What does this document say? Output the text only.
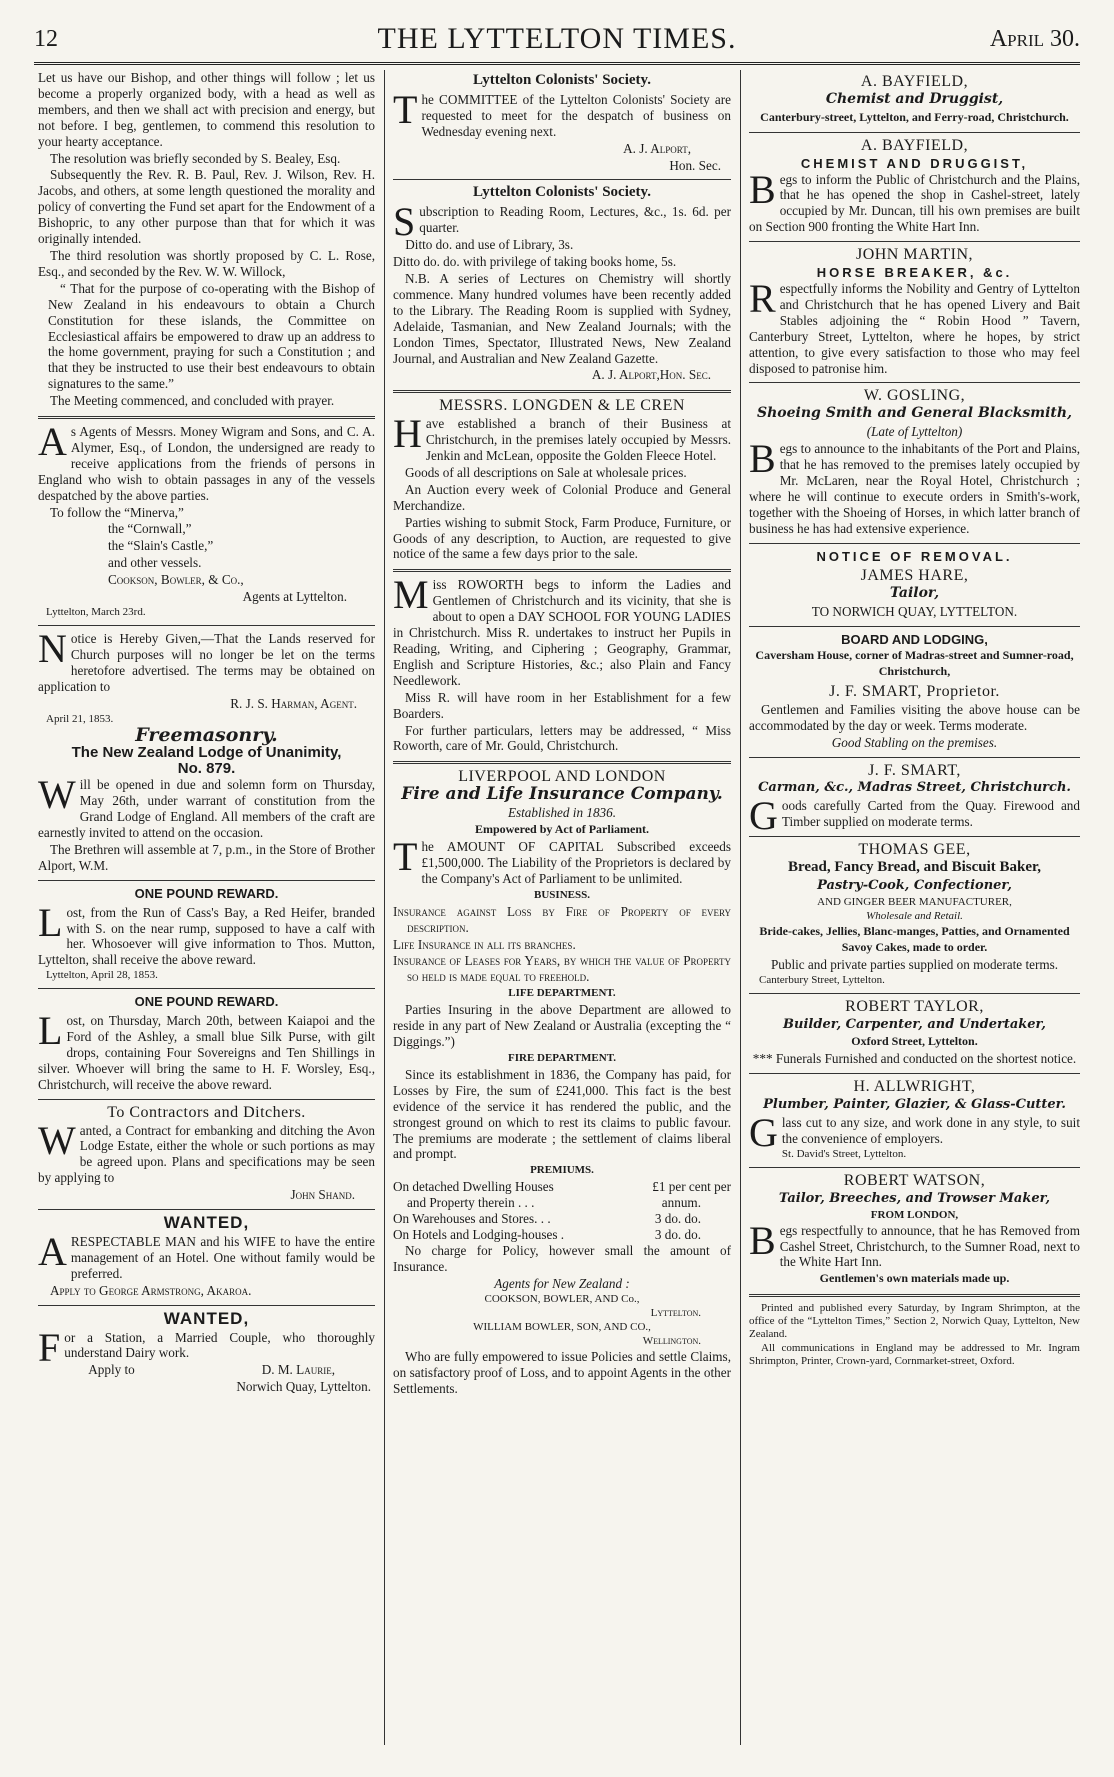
12	THE LYTTELTON TIMES.	April 30.

Let us have our Bishop, and other things will follow ; let us become a properly organized body, with a head as well as members, and then we shall act with precision and energy, but not before. I beg, gentlemen, to commend this resolution to your hearty acceptance.

The resolution was briefly seconded by S. Bealey, Esq.

Subsequently the Rev. R. B. Paul, Rev. J. Wilson, Rev. H. Jacobs, and others, at some length questioned the morality and policy of converting the Fund set apart for the Endowment of a Bishopric, to any other purpose than that for which it was originally intended.

The third resolution was shortly proposed by C. L. Rose, Esq., and seconded by the Rev. W. W. Willock,

“ That for the purpose of co-operating with the Bishop of New Zealand in his endeavours to obtain a Church Constitution for these islands, the Committee on Ecclesiastical affairs be empowered to draw up an address to the home government, praying for such a Constitution ; and that they be instructed to use their best endeavours to obtain signatures to the same.”

The Meeting commenced, and concluded with prayer.

As Agents of Messrs. Money Wigram and Sons, and C. A. Alymer, Esq., of London, the undersigned are ready to receive applications from the friends of persons in England who wish to obtain passages in any of the vessels despatched by the above parties.

To follow the “Minerva,”

the “Cornwall,”

the “Slain's Castle,”

and other vessels.

Cookson, Bowler, & Co.,

Agents at Lyttelton.

Lyttelton, March 23rd.

Notice is Hereby Given,—That the Lands reserved for Church purposes will no longer be let on the terms heretofore advertised. The terms may be obtained on application to

R. J. S. Harman, Agent.

April 21, 1853.

Freemasonry.
The New Zealand Lodge of Unanimity,
No. 879.

Will be opened in due and solemn form on Thursday, May 26th, under warrant of constitution from the Grand Lodge of England. All members of the craft are earnestly invited to attend on the occasion.

The Brethren will assemble at 7, p.m., in the Store of Brother Alport, W.M.

ONE POUND REWARD.

Lost, from the Run of Cass's Bay, a Red Heifer, branded with S. on the near rump, supposed to have a calf with her. Whosoever will give information to Thos. Mutton, Lyttelton, shall receive the above reward.

Lyttelton, April 28, 1853.

ONE POUND REWARD.

Lost, on Thursday, March 20th, between Kaiapoi and the Ford of the Ashley, a small blue Silk Purse, with gilt drops, containing Four Sovereigns and Ten Shillings in silver. Whoever will bring the same to H. F. Worsley, Esq., Christchurch, will receive the above reward.

To Contractors and Ditchers.

Wanted, a Contract for embanking and ditching the Avon Lodge Estate, either the whole or such portions as may be agreed upon. Plans and specifications may be seen by applying to

John Shand.

WANTED,

ARESPECTABLE MAN and his WIFE to have the entire management of an Hotel. One without family would be preferred.

Apply to George Armstrong, Akaroa.

WANTED,

For a Station, a Married Couple, who thoroughly understand Dairy work.

Apply to	D. M. Laurie,

Norwich Quay, Lyttelton.

Lyttelton Colonists' Society.

The COMMITTEE of the Lyttelton Colonists' Society are requested to meet for the despatch of business on Wednesday evening next.

A. J. Alport,

Hon. Sec.

Lyttelton Colonists' Society.

Subscription to Reading Room, Lectures, &c., 1s. 6d. per quarter.

Ditto do. and use of Library, 3s.

Ditto do. do. with privilege of taking books home, 5s.

N.B. A series of Lectures on Chemistry will shortly commence. Many hundred volumes have been recently added to the Library. The Reading Room is supplied with Sydney, Adelaide, Tasmanian, and New Zealand Journals; with the London Times, Spectator, Illustrated News, New Zealand Journal, and Australian and New Zealand Gazette.

A. J. Alport,Hon. Sec.

MESSRS. LONGDEN & LE CREN

Have established a branch of their Business at Christchurch, in the premises lately occupied by Messrs. Jenkin and McLean, opposite the Golden Fleece Hotel.

Goods of all descriptions on Sale at wholesale prices.

An Auction every week of Colonial Produce and General Merchandize.

Parties wishing to submit Stock, Farm Produce, Furniture, or Goods of any description, to Auction, are requested to give notice of the same a few days prior to the sale.

Miss ROWORTH begs to inform the Ladies and Gentlemen of Christchurch and its vicinity, that she is about to open a DAY SCHOOL FOR YOUNG LADIES in Christchurch. Miss R. undertakes to instruct her Pupils in Reading, Writing, and Ciphering ; Geography, Grammar, English and Scripture Histories, &c.; also Plain and Fancy Needlework.

Miss R. will have room in her Establishment for a few Boarders.

For further particulars, letters may be addressed, “ Miss Roworth, care of Mr. Gould, Christchurch.

LIVERPOOL AND LONDON
Fire and Life Insurance Company.

Established in 1836.

Empowered by Act of Parliament.

The AMOUNT OF CAPITAL Subscribed exceeds £1,500,000. The Liability of the Proprietors is declared by the Company's Act of Parliament to be unlimited.

BUSINESS.

Insurance against Loss by Fire of Property of every description.

Life Insurance in all its branches.

Insurance of Leases for Years, by which the value of Property so held is made equal to freehold.

LIFE DEPARTMENT.

Parties Insuring in the above Department are allowed to reside in any part of New Zealand or Australia (excepting the “ Diggings.”)

FIRE DEPARTMENT.

Since its establishment in 1836, the Company has paid, for Losses by Fire, the sum of £241,000. This fact is the best evidence of the service it has rendered the public, and the strongest ground on which to rest its claims to public favour. The premiums are moderate ; the settlement of claims liberal and prompt.

PREMIUMS.
On detached Dwelling Houses	£1 per cent per
and Property therein . . .	annum.
On Warehouses and Stores. . .	3 do. do.
On Hotels and Lodging-houses .	3 do. do.

No charge for Policy, however small the amount of Insurance.

Agents for New Zealand :

COOKSON, BOWLER, AND Co.,

Lyttelton.

WILLIAM BOWLER, SON, AND CO.,

Wellington.

Who are fully empowered to issue Policies and settle Claims, on satisfactory proof of Loss, and to appoint Agents in the other Settlements.

A. BAYFIELD,
Chemist and Druggist,

Canterbury-street, Lyttelton, and Ferry-road, Christchurch.

A. BAYFIELD,
CHEMIST AND DRUGGIST,

Begs to inform the Public of Christchurch and the Plains, that he has opened the shop in Cashel-street, lately occupied by Mr. Duncan, till his own premises are built on Section 900 fronting the White Hart Inn.

JOHN MARTIN,
HORSE BREAKER, &c.

Respectfully informs the Nobility and Gentry of Lyttelton and Christchurch that he has opened Livery and Bait Stables adjoining the “ Robin Hood ” Tavern, Canterbury Street, Lyttelton, where he hopes, by strict attention, to give every satisfaction to those who may feel disposed to patronise him.

W. GOSLING,
Shoeing Smith and General Blacksmith,

(Late of Lyttelton)

Begs to announce to the inhabitants of the Port and Plains, that he has removed to the premises lately occupied by Mr. McLaren, near the Royal Hotel, Christchurch ; where he will continue to execute orders in Smith's-work, together with the Shoeing of Horses, in which latter branch of business he has had extensive experience.

NOTICE OF REMOVAL.
JAMES HARE,
Tailor,

TO NORWICH QUAY, LYTTELTON.

BOARD AND LODGING,

Caversham House, corner of Madras-street and Sumner-road, Christchurch,

J. F. SMART, Proprietor.

Gentlemen and Families visiting the above house can be accommodated by the day or week. Terms moderate.

Good Stabling on the premises.

J. F. SMART,
Carman, &c., Madras Street, Christchurch.

Goods carefully Carted from the Quay. Firewood and Timber supplied on moderate terms.

THOMAS GEE,
Bread, Fancy Bread, and Biscuit Baker,
Pastry-Cook, Confectioner,

AND GINGER BEER MANUFACTURER,

Wholesale and Retail.

Bride-cakes, Jellies, Blanc-manges, Patties, and Ornamented Savoy Cakes, made to order.

Public and private parties supplied on moderate terms.

Canterbury Street, Lyttelton.

ROBERT TAYLOR,
Builder, Carpenter, and Undertaker,

Oxford Street, Lyttelton.

*** Funerals Furnished and conducted on the shortest notice.

H. ALLWRIGHT,
Plumber, Painter, Glazier, & Glass-Cutter.

Glass cut to any size, and work done in any style, to suit the convenience of employers.

St. David's Street, Lyttelton.

ROBERT WATSON,
Tailor, Breeches, and Trowser Maker,

FROM LONDON,

Begs respectfully to announce, that he has Removed from Cashel Street, Christchurch, to the Sumner Road, next to the White Hart Inn.

Gentlemen's own materials made up.

Printed and published every Saturday, by Ingram Shrimpton, at the office of the “Lyttelton Times,” Section 2, Norwich Quay, Lyttelton, New Zealand.

All communications in England may be addressed to Mr. Ingram Shrimpton, Printer, Crown-yard, Cornmarket-street, Oxford.
